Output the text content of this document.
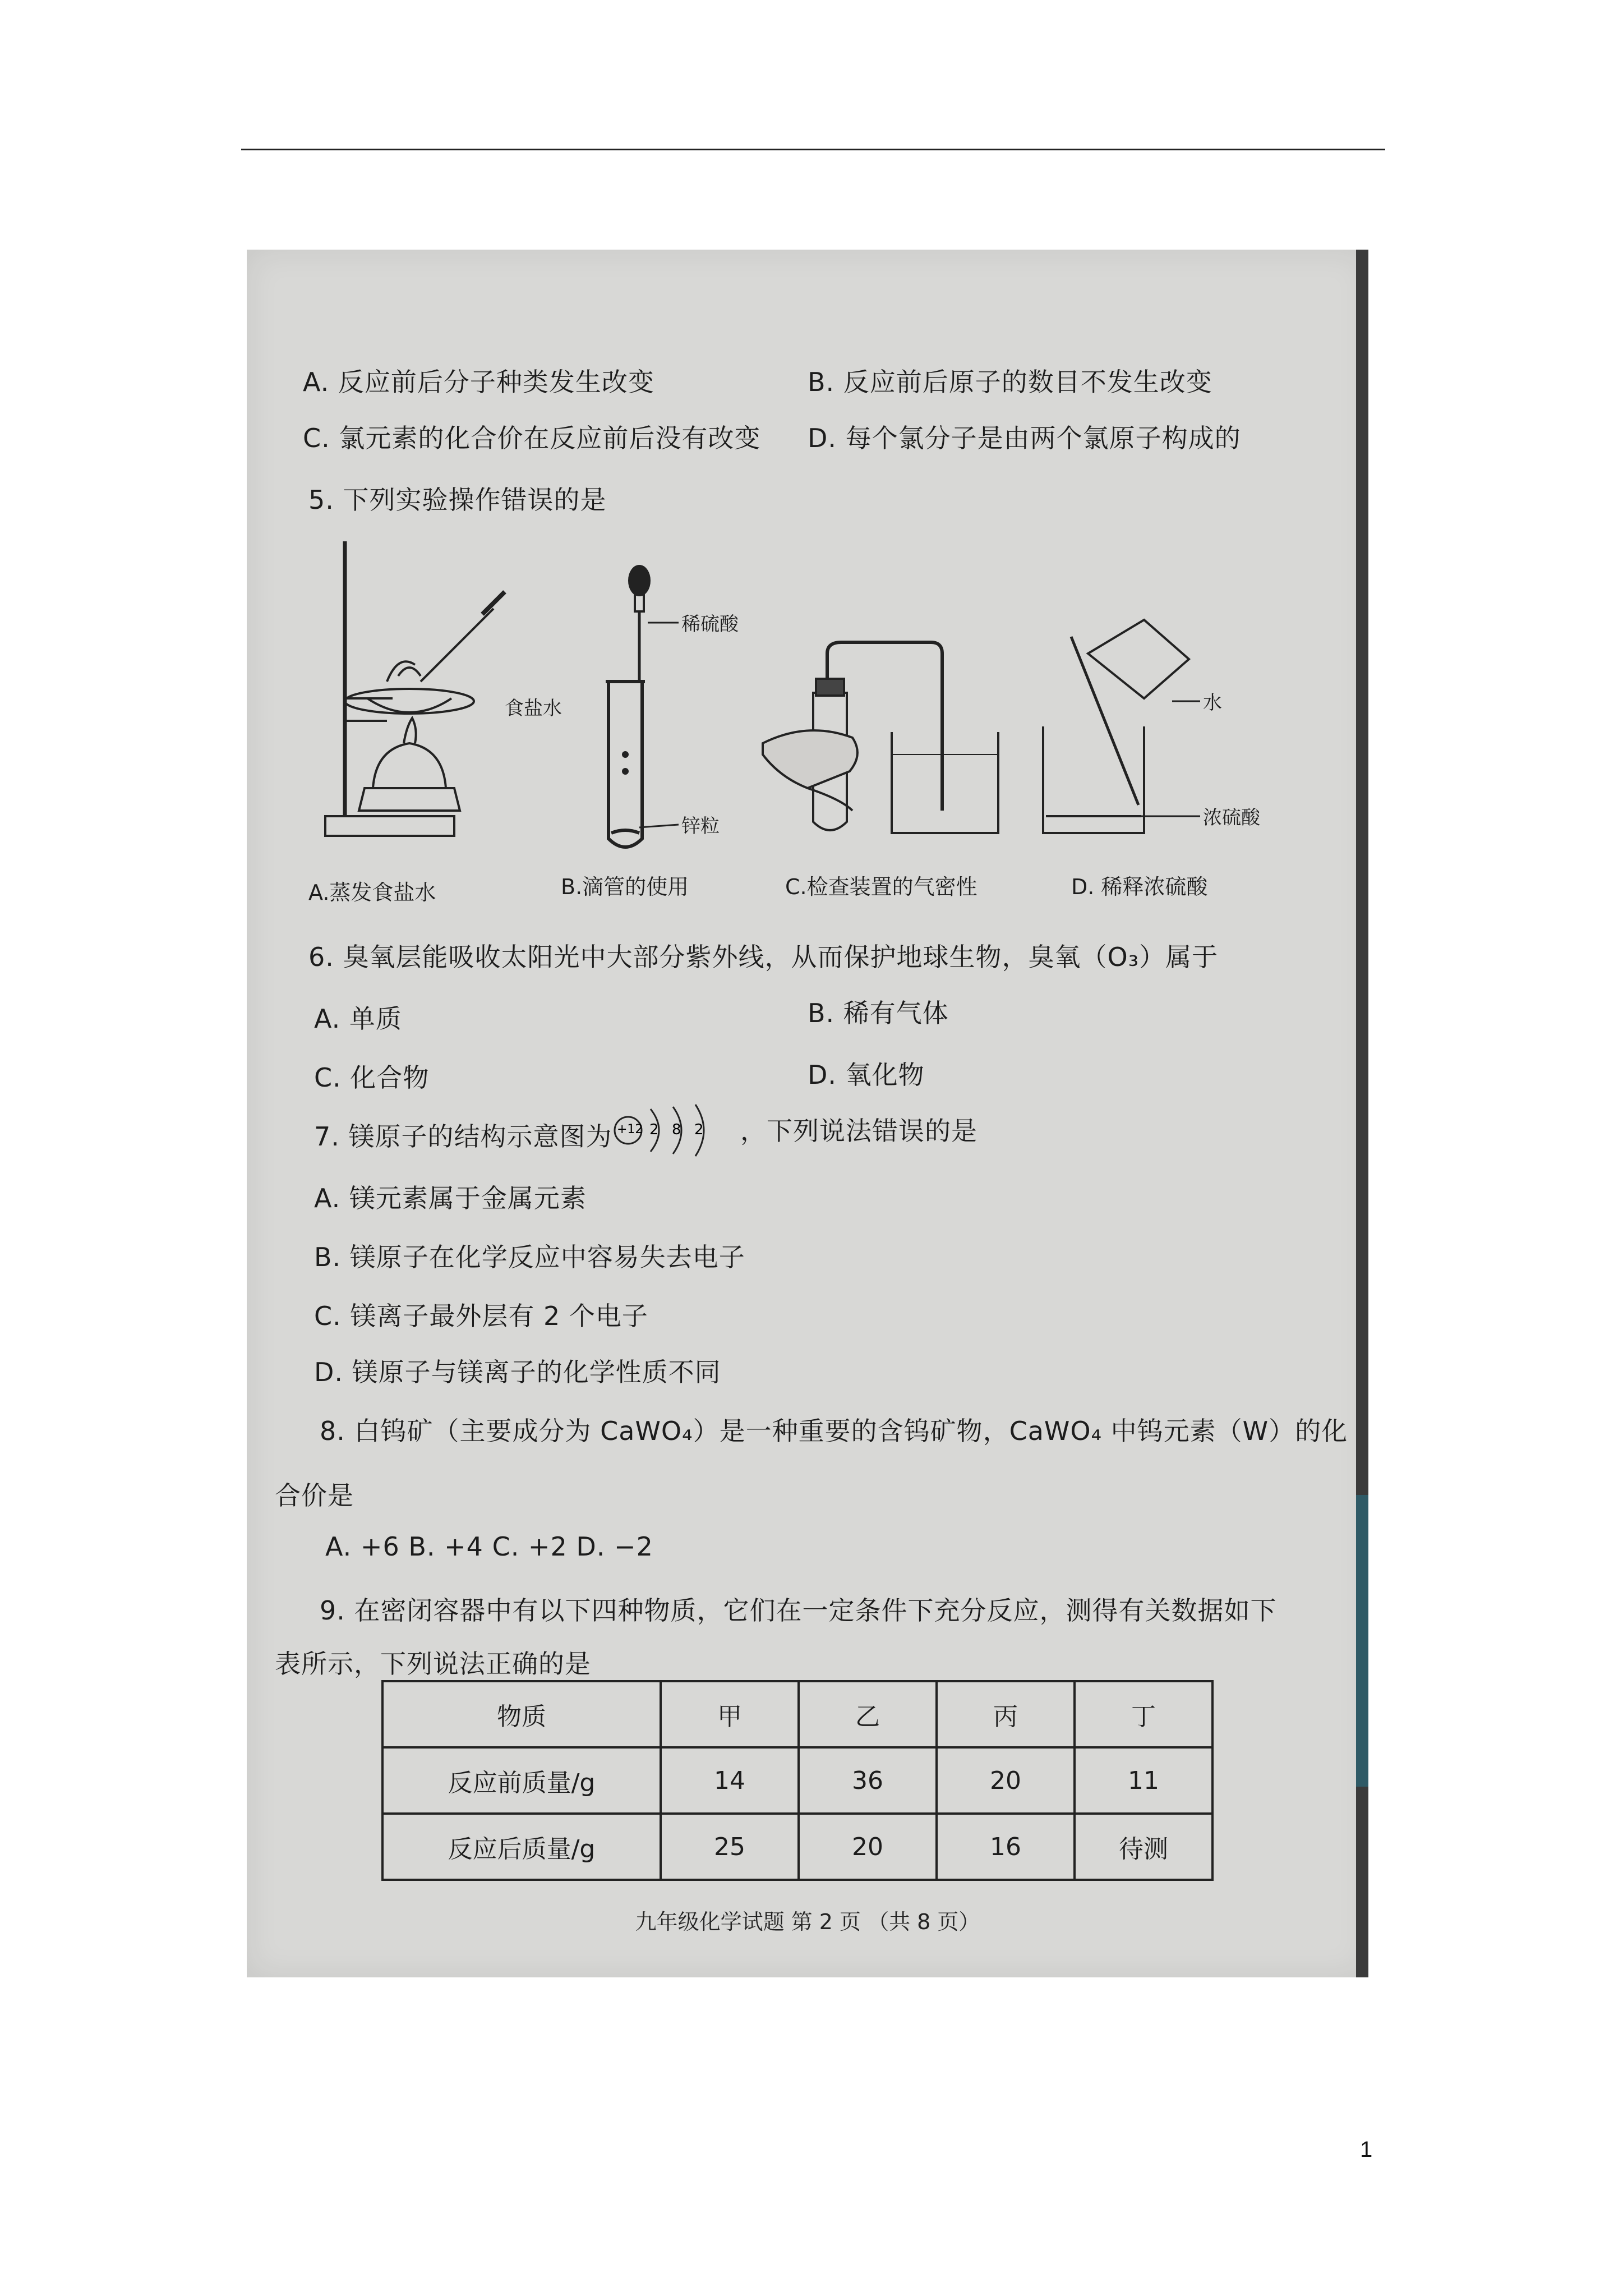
A. 反应前后分子种类发生改变	B. 反应前后原子的数目不发生改变
C. 氯元素的化合价在反应前后没有改变 D. 每个氯分子是由两个氯原子构成的
5. 下列实验操作错误的是
食盐水
稀硫酸
锌粒
水
浓硫酸
A.蒸发食盐水	B.滴管的使用	C.检查装置的气密性	D. 稀释浓硫酸
6. 臭氧层能吸收太阳光中大部分紫外线，从而保护地球生物，臭氧（O₃）属于
A. 单质	B. 稀有气体
C. 化合物	D. 氧化物
7. 镁原子的结构示意图为 +12 2 8 2 ，下列说法错误的是
A. 镁元素属于金属元素
B. 镁原子在化学反应中容易失去电子
C. 镁离子最外层有 2 个电子
D. 镁原子与镁离子的化学性质不同
8. 白钨矿（主要成分为 CaWO₄）是一种重要的含钨矿物，CaWO₄ 中钨元素（W）的化
合价是
A. +6 B. +4 C. +2 D. −2
9. 在密闭容器中有以下四种物质，它们在一定条件下充分反应，测得有关数据如下
表所示，下列说法正确的是
物质	甲	乙	丙	丁
反应前质量/g	14	36	20	11
反应后质量/g	25	20	16	待测
九年级化学试题 第 2 页 （共 8 页）
1
